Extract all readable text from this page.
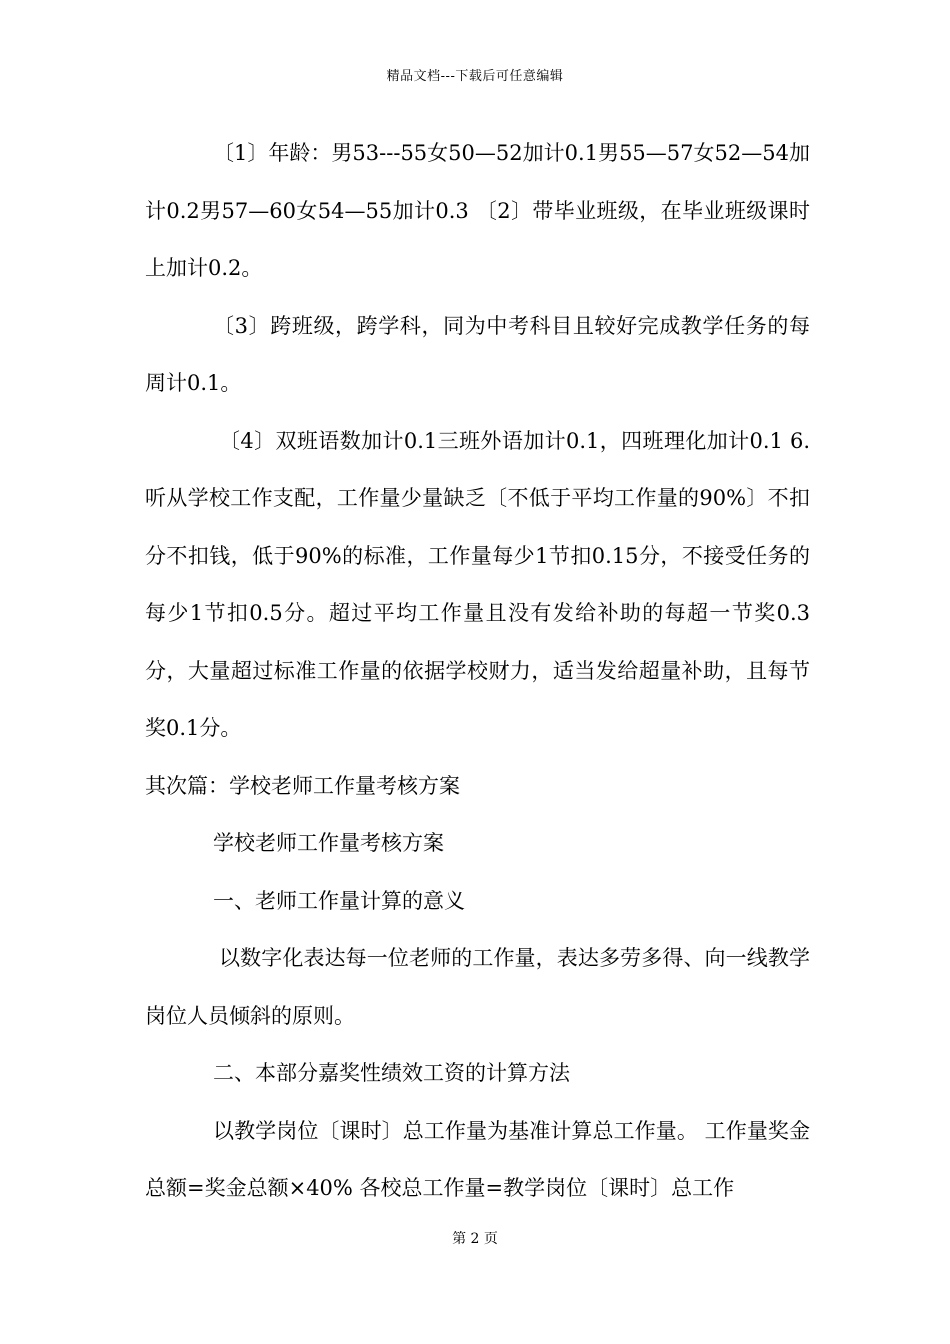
精品文档---下载后可任意编辑

〔1〕年龄：男53---55女50—52加计0.1男55—57女52—54加计0.2男57—60女54—55加计0.3 〔2〕带毕业班级，在毕业班级课时上加计0.2。

〔3〕跨班级，跨学科，同为中考科目且较好完成教学任务的每周计0.1。

〔4〕双班语数加计0.1三班外语加计0.1，四班理化加计0.1 6. 听从学校工作支配，工作量少量缺乏〔不低于平均工作量的90%〕不扣分不扣钱，低于90%的标准，工作量每少1节扣0.15分，不接受任务的每少1节扣0.5分。超过平均工作量且没有发给补助的每超一节奖0.3分，大量超过标准工作量的依据学校财力，适当发给超量补助，且每节奖0.1分。

其次篇：学校老师工作量考核方案

学校老师工作量考核方案

一、老师工作量计算的意义

以数字化表达每一位老师的工作量，表达多劳多得、向一线教学岗位人员倾斜的原则。

二、本部分嘉奖性绩效工资的计算方法

以教学岗位〔课时〕总工作量为基准计算总工作量。 工作量奖金总额=奖金总额×40% 各校总工作量=教学岗位〔课时〕总工作

第 2 页
